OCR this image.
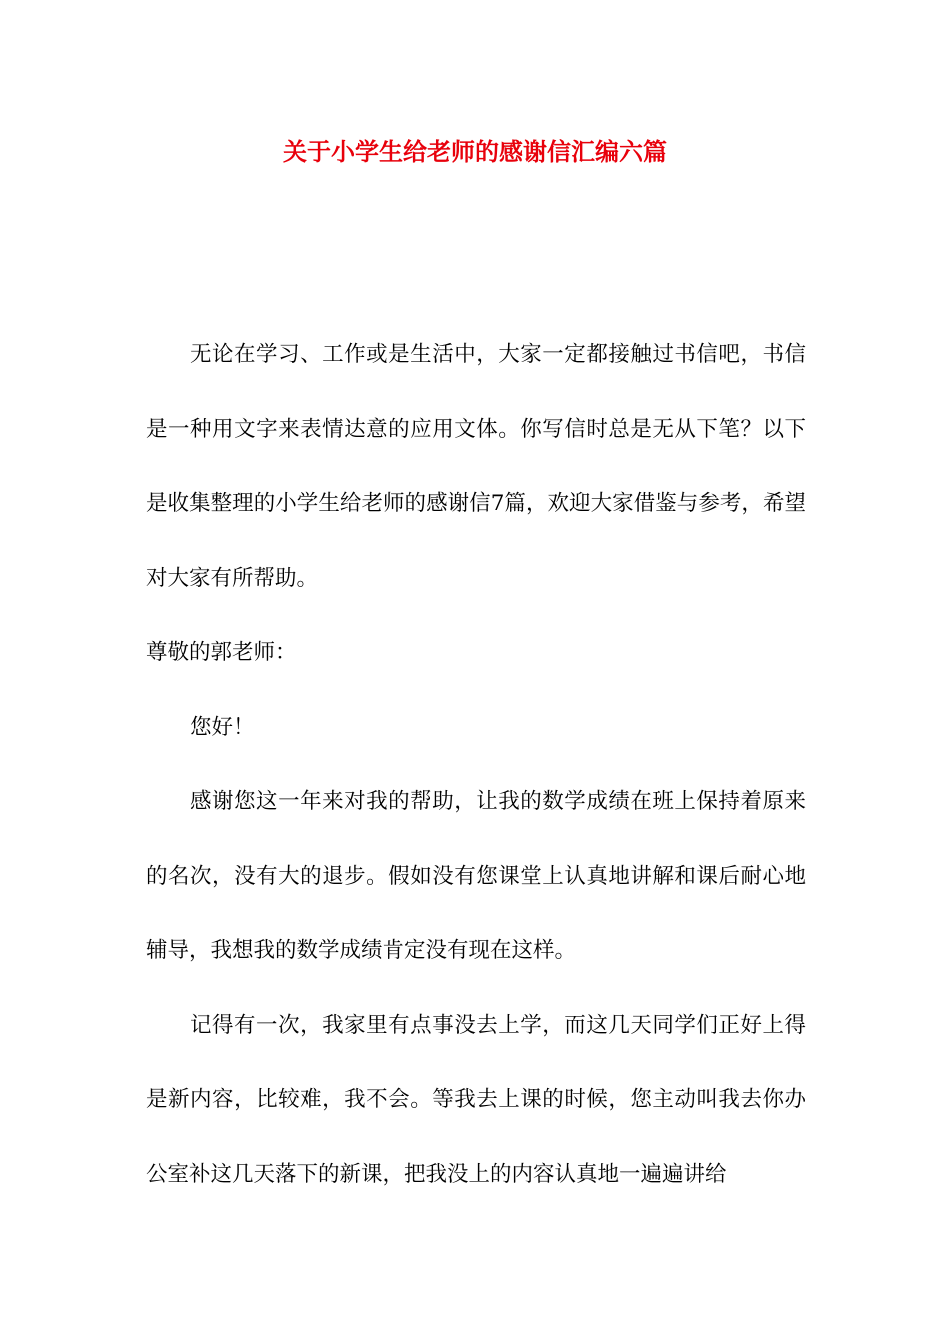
关于小学生给老师的感谢信汇编六篇

无论在学习、工作或是生活中，大家一定都接触过书信吧，书信是一种用文字来表情达意的应用文体。你写信时总是无从下笔？以下是收集整理的小学生给老师的感谢信7篇，欢迎大家借鉴与参考，希望对大家有所帮助。

尊敬的郭老师：

您好！

感谢您这一年来对我的帮助，让我的数学成绩在班上保持着原来的名次，没有大的退步。假如没有您课堂上认真地讲解和课后耐心地辅导，我想我的数学成绩肯定没有现在这样。

记得有一次，我家里有点事没去上学，而这几天同学们正好上得是新内容，比较难，我不会。等我去上课的时候，您主动叫我去你办公室补这几天落下的新课，把我没上的内容认真地一遍遍讲给
